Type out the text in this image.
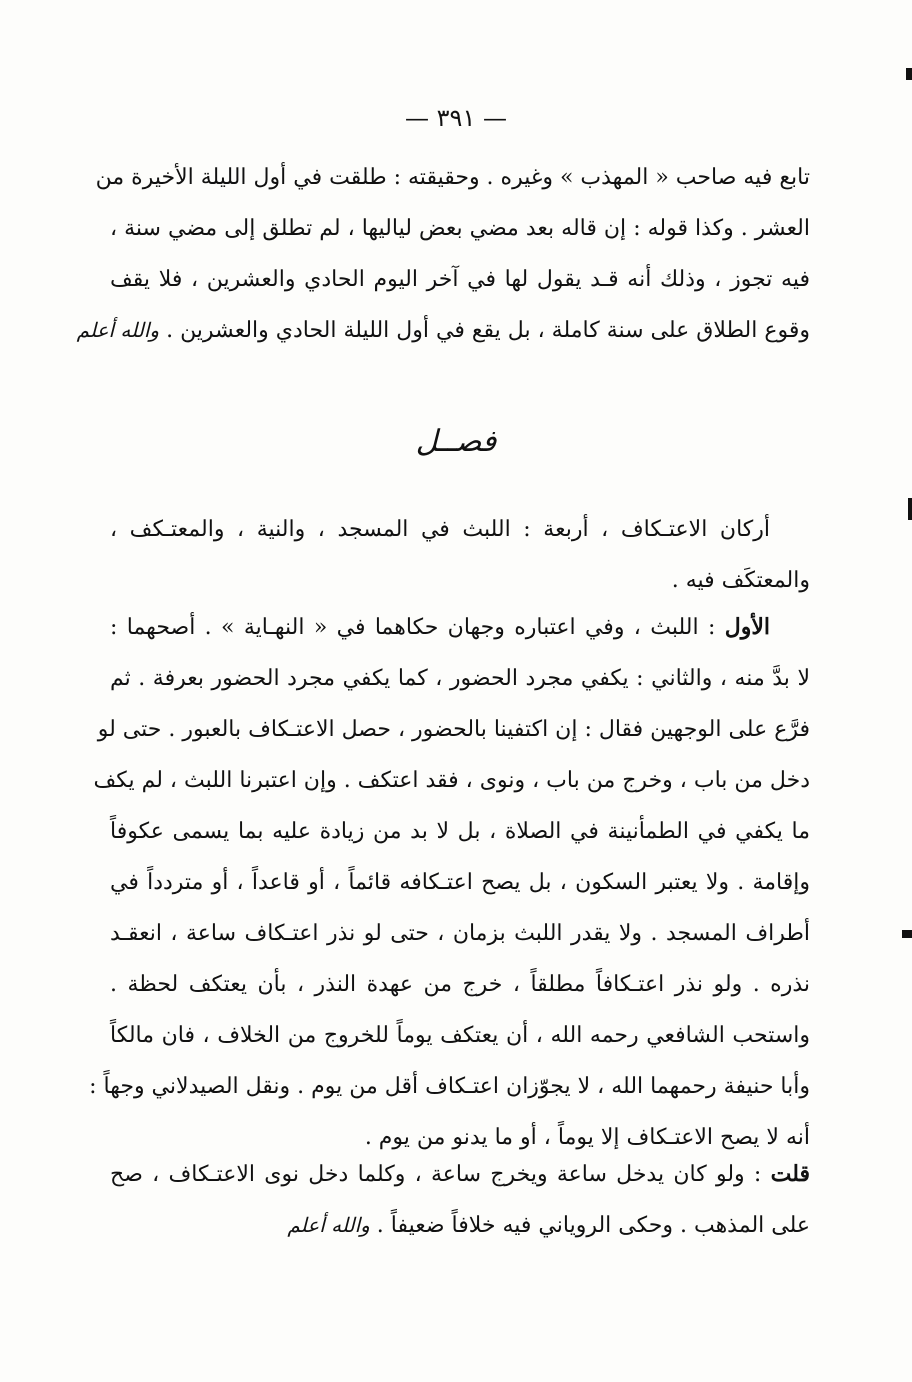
— ٣٩١ —
تابع فيه صاحب « المهذب » وغيره . وحقيقته : طلقت في أول الليلة الأخيرة من
العشر . وكذا قوله : إن قاله بعد مضي بعض لياليها ، لم تطلق إلى مضي سنة ،
فيه تجوز ، وذلك أنه قـد يقول لها في آخر اليوم الحادي والعشرين ، فلا يقف
وقوع الطلاق على سنة كاملة ، بل يقع في أول الليلة الحادي والعشرين . والله أعلم
فصــل
أركان الاعتـكاف ، أربعة : اللبث في المسجد ، والنية ، والمعتـكف ،
والمعتكَف فيه .
الأول : اللبث ، وفي اعتباره وجهان حكاهما في « النهـاية » . أصحهما :
لا بدَّ منه ، والثاني : يكفي مجرد الحضور ، كما يكفي مجرد الحضور بعرفة . ثم
فرَّع على الوجهين فقال : إن اكتفينا بالحضور ، حصل الاعتـكاف بالعبور . حتى لو
دخل من باب ، وخرج من باب ، ونوى ، فقد اعتكف . وإن اعتبرنا اللبث ، لم يكف
ما يكفي في الطمأنينة في الصلاة ، بل لا بد من زيادة عليه بما يسمى عكوفاً
وإقامة . ولا يعتبر السكون ، بل يصح اعتـكافه قائماً ، أو قاعداً ، أو متردداً في
أطراف المسجد . ولا يقدر اللبث بزمان ، حتى لو نذر اعتـكاف ساعة ، انعقـد
نذره . ولو نذر اعتـكافاً مطلقاً ، خرج من عهدة النذر ، بأن يعتكف لحظة .
واستحب الشافعي رحمه الله ، أن يعتكف يوماً للخروج من الخلاف ، فان مالكاً
وأبا حنيفة رحمهما الله ، لا يجوّزان اعتـكاف أقل من يوم . ونقل الصيدلاني وجهاً :
أنه لا يصح الاعتـكاف إلا يوماً ، أو ما يدنو من يوم .
قلت : ولو كان يدخل ساعة ويخرج ساعة ، وكلما دخل نوى الاعتـكاف ، صح
على المذهب . وحكى الروياني فيه خلافاً ضعيفاً . والله أعلم
